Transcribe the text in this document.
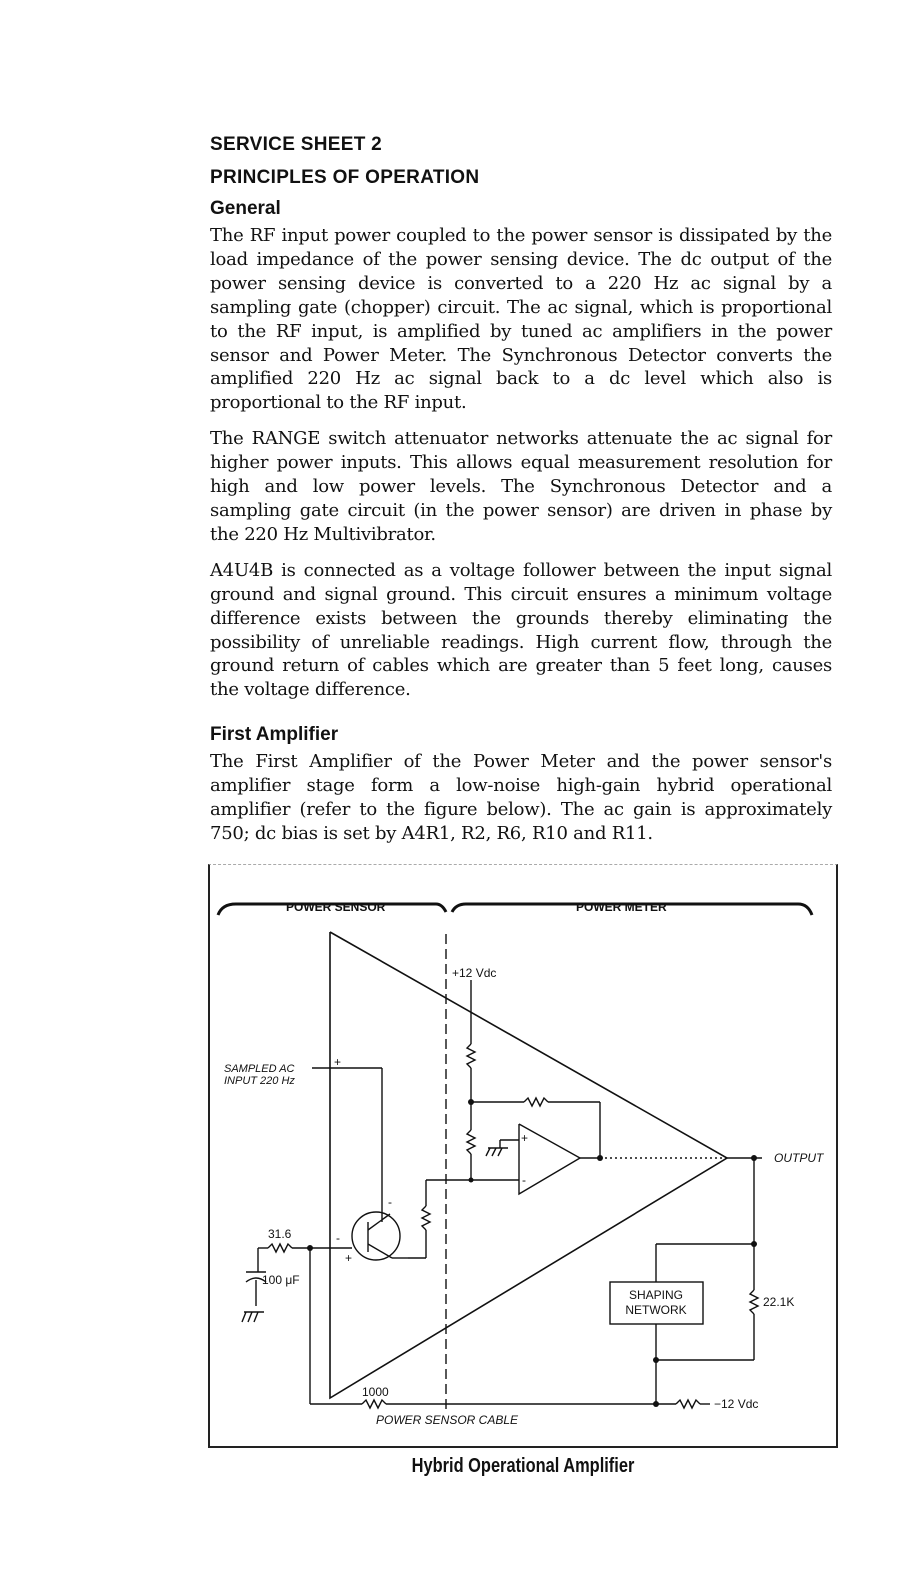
SERVICE SHEET 2

PRINCIPLES OF OPERATION

General

The RF input power coupled to the power sensor is dissipated by the load impedance of the power sensing device. The dc output of the power sensing device is converted to a 220 Hz ac signal by a sampling gate (chopper) circuit. The ac signal, which is proportional to the RF input, is amplified by tuned ac amplifiers in the power sensor and Power Meter. The Synchronous Detector converts the amplified 220 Hz ac signal back to a dc level which also is proportional to the RF input.

The RANGE switch attenuator networks attenuate the ac signal for higher power inputs. This allows equal measurement resolution for high and low power levels. The Synchronous Detector and a sampling gate circuit (in the power sensor) are driven in phase by the 220 Hz Multivibrator.

A4U4B is connected as a voltage follower between the input signal ground and signal ground. This circuit ensures a minimum voltage difference exists between the grounds thereby eliminating the possibility of unreliable readings. High current flow, through the ground return of cables which are greater than 5 feet long, causes the voltage difference.

First Amplifier

The First Amplifier of the Power Meter and the power sensor's amplifier stage form a low-noise high-gain hybrid operational amplifier (refer to the figure below). The ac gain is approximately 750; dc bias is set by A4R1, R2, R6, R10 and R11.

POWER SENSOR	POWER METER
+12 Vdc
SAMPLED AC
INPUT 220 Hz
OUTPUT
31.6
100 μF
SHAPING
NETWORK
22.1K
1000
−12 Vdc
POWER SENSOR CABLE
+
+
-
-
-
+
Hybrid Operational Amplifier
